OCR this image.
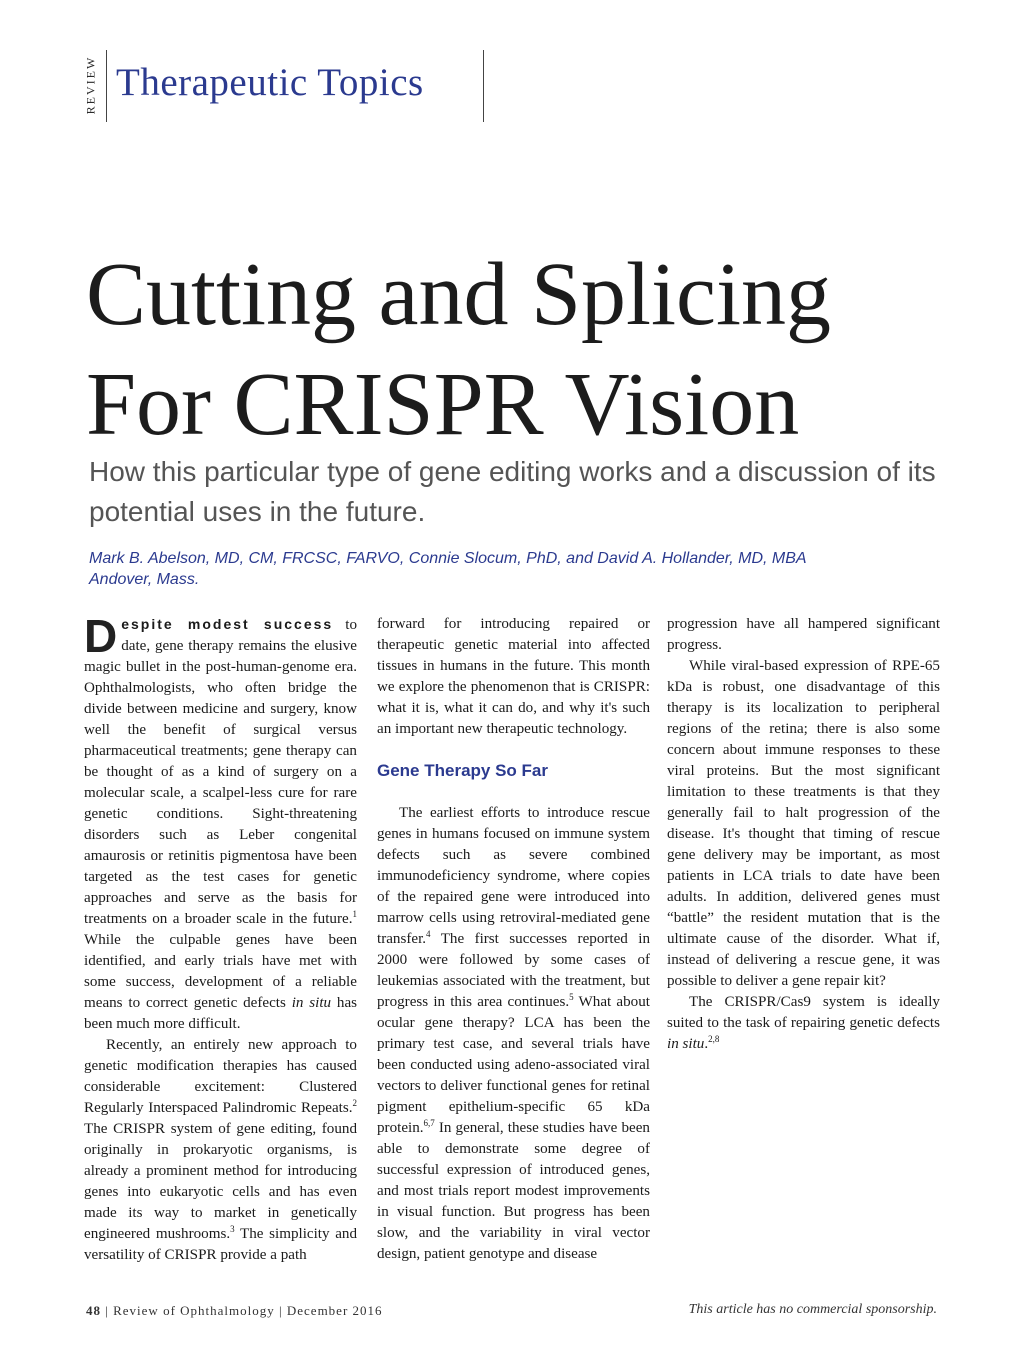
REVIEW Therapeutic Topics
Cutting and Splicing
For CRISPR Vision
How this particular type of gene editing works and a discussion of its potential uses in the future.
Mark B. Abelson, MD, CM, FRCSC, FARVO, Connie Slocum, PhD, and David A. Hollander, MD, MBA
Andover, Mass.

Despite modest success to date, gene therapy remains the elusive magic bullet in the post-human-genome era. Ophthalmologists, who often bridge the divide between medicine and surgery, know well the benefit of surgical versus pharmaceutical treatments; gene therapy can be thought of as a kind of surgery on a molecular scale, a scalpel-less cure for rare genetic conditions. Sight-threatening disorders such as Leber congenital amaurosis or retinitis pigmentosa have been targeted as the test cases for genetic approaches and serve as the basis for treatments on a broader scale in the future.$^1$ While the culpable genes have been identified, and early trials have met with some success, development of a reliable means to correct genetic defects in situ has been much more difficult.

Recently, an entirely new approach to genetic modification therapies has caused considerable excitement: Clustered Regularly Interspaced Palindromic Repeats.$^2$ The CRISPR system of gene editing, found originally in prokaryotic organisms, is already a prominent method for introducing genes into eukaryotic cells and has even made its way to market in genetically engineered mushrooms.$^3$ The simplicity and versatility of CRISPR provide a path

forward for introducing repaired or therapeutic genetic material into affected tissues in humans in the future. This month we explore the phenomenon that is CRISPR: what it is, what it can do, and why it's such an important new therapeutic technology.

Gene Therapy So Far

The earliest efforts to introduce rescue genes in humans focused on immune system defects such as severe combined immunodeficiency syndrome, where copies of the repaired gene were introduced into marrow cells using retroviral-mediated gene transfer.$^4$ The first successes reported in 2000 were followed by some cases of leukemias associated with the treatment, but progress in this area continues.$^5$ What about ocular gene therapy? LCA has been the primary test case, and several trials have been conducted using adeno-associated viral vectors to deliver functional genes for retinal pigment epithelium-specific 65 kDa protein.$^{6,7}$ In general, these studies have been able to demonstrate some degree of successful expression of introduced genes, and most trials report modest improvements in visual function. But progress has been slow, and the variability in viral vector design, patient genotype and disease

progression have all hampered significant progress.

While viral-based expression of RPE-65 kDa is robust, one disadvantage of this therapy is its localization to peripheral regions of the retina; there is also some concern about immune responses to these viral proteins. But the most significant limitation to these treatments is that they generally fail to halt progression of the disease. It's thought that timing of rescue gene delivery may be important, as most patients in LCA trials to date have been adults. In addition, delivered genes must “battle” the resident mutation that is the ultimate cause of the disorder. What if, instead of delivering a rescue gene, it was possible to deliver a gene repair kit?

The CRISPR/Cas9 system is ideally suited to the task of repairing genetic defects in situ.$^{2,8}$

48 | Review of Ophthalmology | December 2016	This article has no commercial sponsorship.
